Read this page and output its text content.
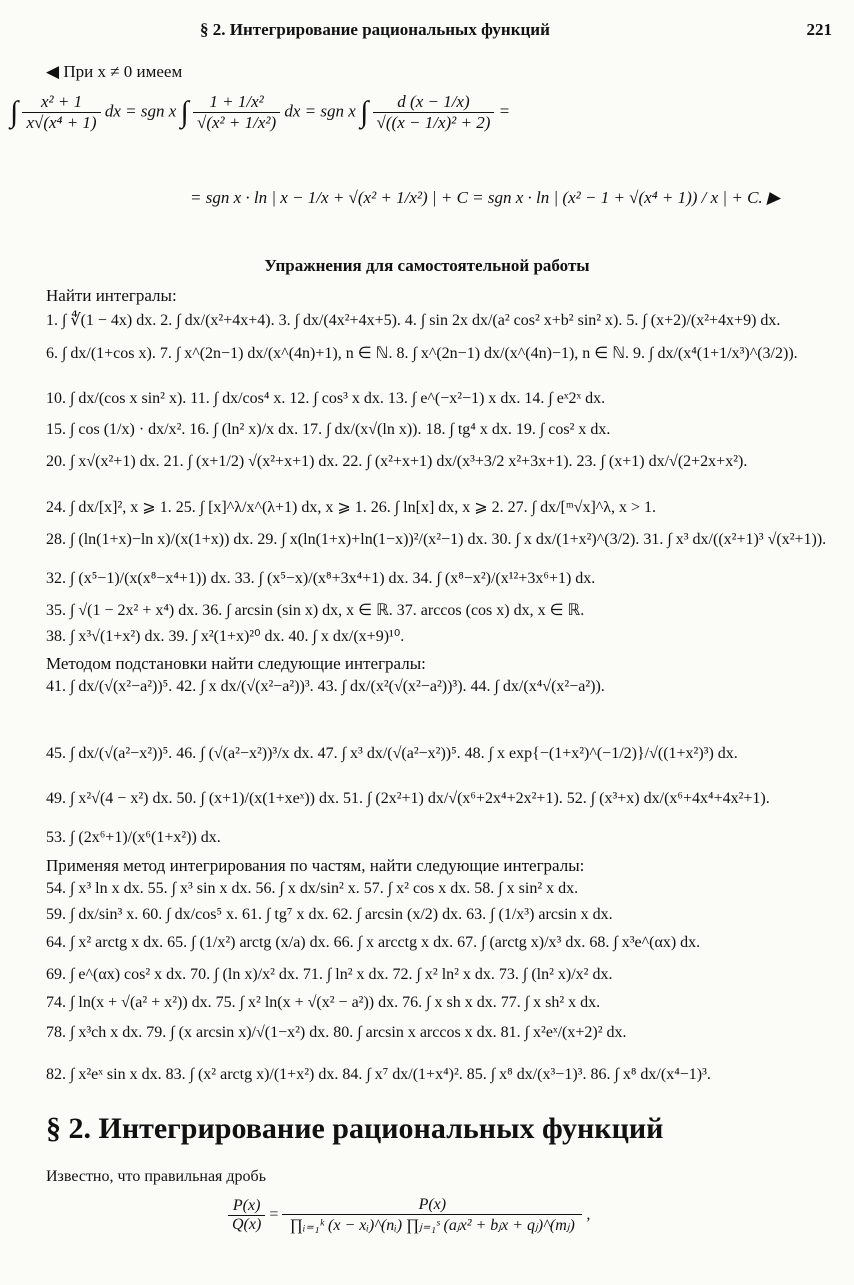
§ 2. Интегрирование рациональных функций	221
◀ При x ≠ 0 имеем
∫ $\frac{\text{x² + 1}}{\text{x√(x⁴ + 1)}}$ dx = sgn x ∫ $\frac{\text{1 + 1/x²}}{\text{√(x² + 1/x²)}}$ dx = sgn x ∫ $\frac{d (x - 1/x)}{\text{√((x − 1/x)² + 2)}}$ =
= sgn x · ln | x − 1/x + √(x² + 1/x²) | + C = sgn x · ln | (x² − 1 + √(x⁴ + 1)) / x | + C. ▶
Упражнения для самостоятельной работы
Найти интегралы:
1. ∫ ∜(1 − 4x) dx. 2. ∫ dx/(x²+4x+4). 3. ∫ dx/(4x²+4x+5). 4. ∫ sin 2x dx/(a² cos² x+b² sin² x). 5. ∫ (x+2)/(x²+4x+9) dx.
6. ∫ dx/(1+cos x). 7. ∫ x^(2n−1) dx/(x^(4n)+1), n ∈ ℕ. 8. ∫ x^(2n−1) dx/(x^(4n)−1), n ∈ ℕ. 9. ∫ dx/(x⁴(1+1/x³)^(3/2)).
10. ∫ dx/(cos x sin² x). 11. ∫ dx/cos⁴ x. 12. ∫ cos³ x dx. 13. ∫ e^(−x²−1) x dx. 14. ∫ eˣ2ˣ dx.
15. ∫ cos (1/x) · dx/x². 16. ∫ (ln² x)/x dx. 17. ∫ dx/(x√(ln x)). 18. ∫ tg⁴ x dx. 19. ∫ cos² x dx.
20. ∫ x√(x²+1) dx. 21. ∫ (x+1/2) √(x²+x+1) dx. 22. ∫ (x²+x+1) dx/(x³+3/2 x²+3x+1). 23. ∫ (x+1) dx/√(2+2x+x²).
24. ∫ dx/[x]², x ⩾ 1. 25. ∫ [x]^λ/x^(λ+1) dx, x ⩾ 1. 26. ∫ ln[x] dx, x ⩾ 2. 27. ∫ dx/[ᵐ√x]^λ, x > 1.
28. ∫ (ln(1+x)−ln x)/(x(1+x)) dx. 29. ∫ x(ln(1+x)+ln(1−x))²/(x²−1) dx. 30. ∫ x dx/(1+x²)^(3/2). 31. ∫ x³ dx/((x²+1)³ √(x²+1)).
32. ∫ (x⁵−1)/(x(x⁸−x⁴+1)) dx. 33. ∫ (x⁵−x)/(x⁸+3x⁴+1) dx. 34. ∫ (x⁸−x²)/(x¹²+3x⁶+1) dx.
35. ∫ √(1 − 2x² + x⁴) dx. 36. ∫ arcsin (sin x) dx, x ∈ ℝ. 37. arccos (cos x) dx, x ∈ ℝ.
38. ∫ x³√(1+x²) dx. 39. ∫ x²(1+x)²⁰ dx. 40. ∫ x dx/(x+9)¹⁰.
Методом подстановки найти следующие интегралы:
41. ∫ dx/(√(x²−a²))⁵. 42. ∫ x dx/(√(x²−a²))³. 43. ∫ dx/(x²(√(x²−a²))³). 44. ∫ dx/(x⁴√(x²−a²)).
45. ∫ dx/(√(a²−x²))⁵. 46. ∫ (√(a²−x²))³/x dx. 47. ∫ x³ dx/(√(a²−x²))⁵. 48. ∫ x exp{−(1+x²)^(−1/2)}/√((1+x²)³) dx.
49. ∫ x²√(4 − x²) dx. 50. ∫ (x+1)/(x(1+xeˣ)) dx. 51. ∫ (2x²+1) dx/√(x⁶+2x⁴+2x²+1). 52. ∫ (x³+x) dx/(x⁶+4x⁴+4x²+1).
53. ∫ (2x⁶+1)/(x⁶(1+x²)) dx.
Применяя метод интегрирования по частям, найти следующие интегралы:
54. ∫ x³ ln x dx. 55. ∫ x³ sin x dx. 56. ∫ x dx/sin² x. 57. ∫ x² cos x dx. 58. ∫ x sin² x dx.
59. ∫ dx/sin³ x. 60. ∫ dx/cos⁵ x. 61. ∫ tg⁷ x dx. 62. ∫ arcsin (x/2) dx. 63. ∫ (1/x³) arcsin x dx.
64. ∫ x² arctg x dx. 65. ∫ (1/x²) arctg (x/a) dx. 66. ∫ x arcctg x dx. 67. ∫ (arctg x)/x³ dx. 68. ∫ x³e^(αx) dx.
69. ∫ e^(αx) cos² x dx. 70. ∫ (ln x)/x² dx. 71. ∫ ln² x dx. 72. ∫ x² ln² x dx. 73. ∫ (ln² x)/x² dx.
74. ∫ ln(x + √(a² + x²)) dx. 75. ∫ x² ln(x + √(x² − a²)) dx. 76. ∫ x sh x dx. 77. ∫ x sh² x dx.
78. ∫ x³ch x dx. 79. ∫ (x arcsin x)/√(1−x²) dx. 80. ∫ arcsin x arccos x dx. 81. ∫ x²eˣ/(x+2)² dx.
82. ∫ x²eˣ sin x dx. 83. ∫ (x² arctg x)/(1+x²) dx. 84. ∫ x⁷ dx/(1+x⁴)². 85. ∫ x⁸ dx/(x³−1)³. 86. ∫ x⁸ dx/(x⁴−1)³.
§ 2. Интегрирование рациональных функций
Известно, что правильная дробь
$\frac{P(x)}{Q(x)} = \frac{P(x)}{\text{∏ᵢ₌₁ᵏ (x − xᵢ)\textasciicircum{}(nᵢ) ∏ⱼ₌₁ˢ (aⱼx² + bⱼx + qⱼ)\textasciicircum{}(mⱼ)}}$ ,
